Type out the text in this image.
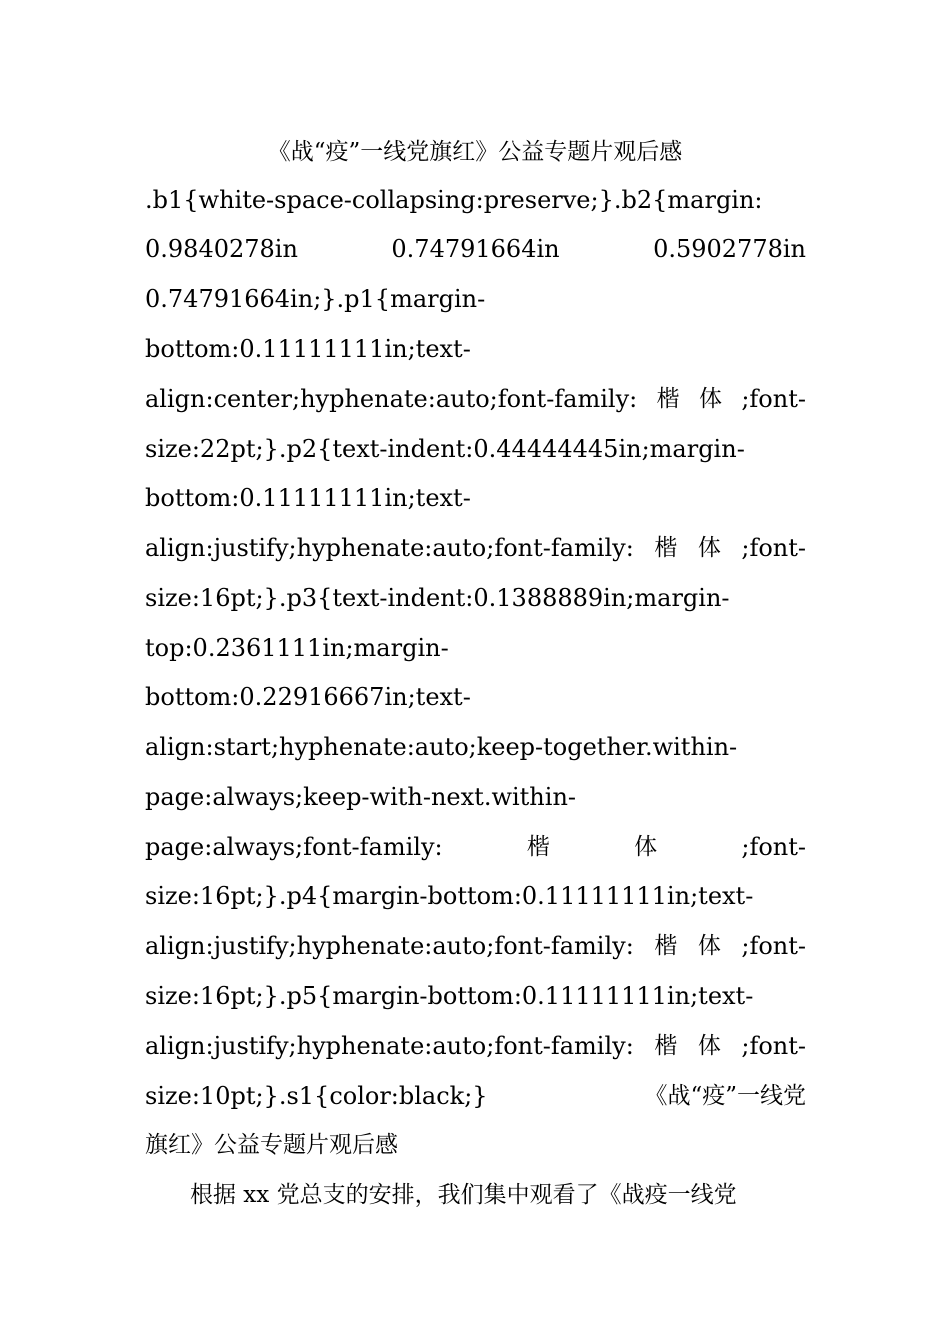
《战“疫”一线党旗红》公益专题片观后感
.b1{white-space-collapsing:preserve;}.b2{margin:
0.9840278in	0.74791664in	0.5902778in
0.74791664in;}.p1{margin-
bottom:0.11111111in;text-
align:center;hyphenate:auto;font-family: 楷 体 ;font-
size:22pt;}.p2{text-indent:0.44444445in;margin-
bottom:0.11111111in;text-
align:justify;hyphenate:auto;font-family: 楷 体 ;font-
size:16pt;}.p3{text-indent:0.1388889in;margin-
top:0.2361111in;margin-
bottom:0.22916667in;text-
align:start;hyphenate:auto;keep-together.within-
page:always;keep-with-next.within-
page:always;font-family:	楷	体	;font-
size:16pt;}.p4{margin-bottom:0.11111111in;text-
align:justify;hyphenate:auto;font-family: 楷 体 ;font-
size:16pt;}.p5{margin-bottom:0.11111111in;text-
align:justify;hyphenate:auto;font-family: 楷 体 ;font-
size:10pt;}.s1{color:black;}	《战“疫”一线党
旗红》公益专题片观后感
根据 xx 党总支的安排，我们集中观看了《战疫一线党
